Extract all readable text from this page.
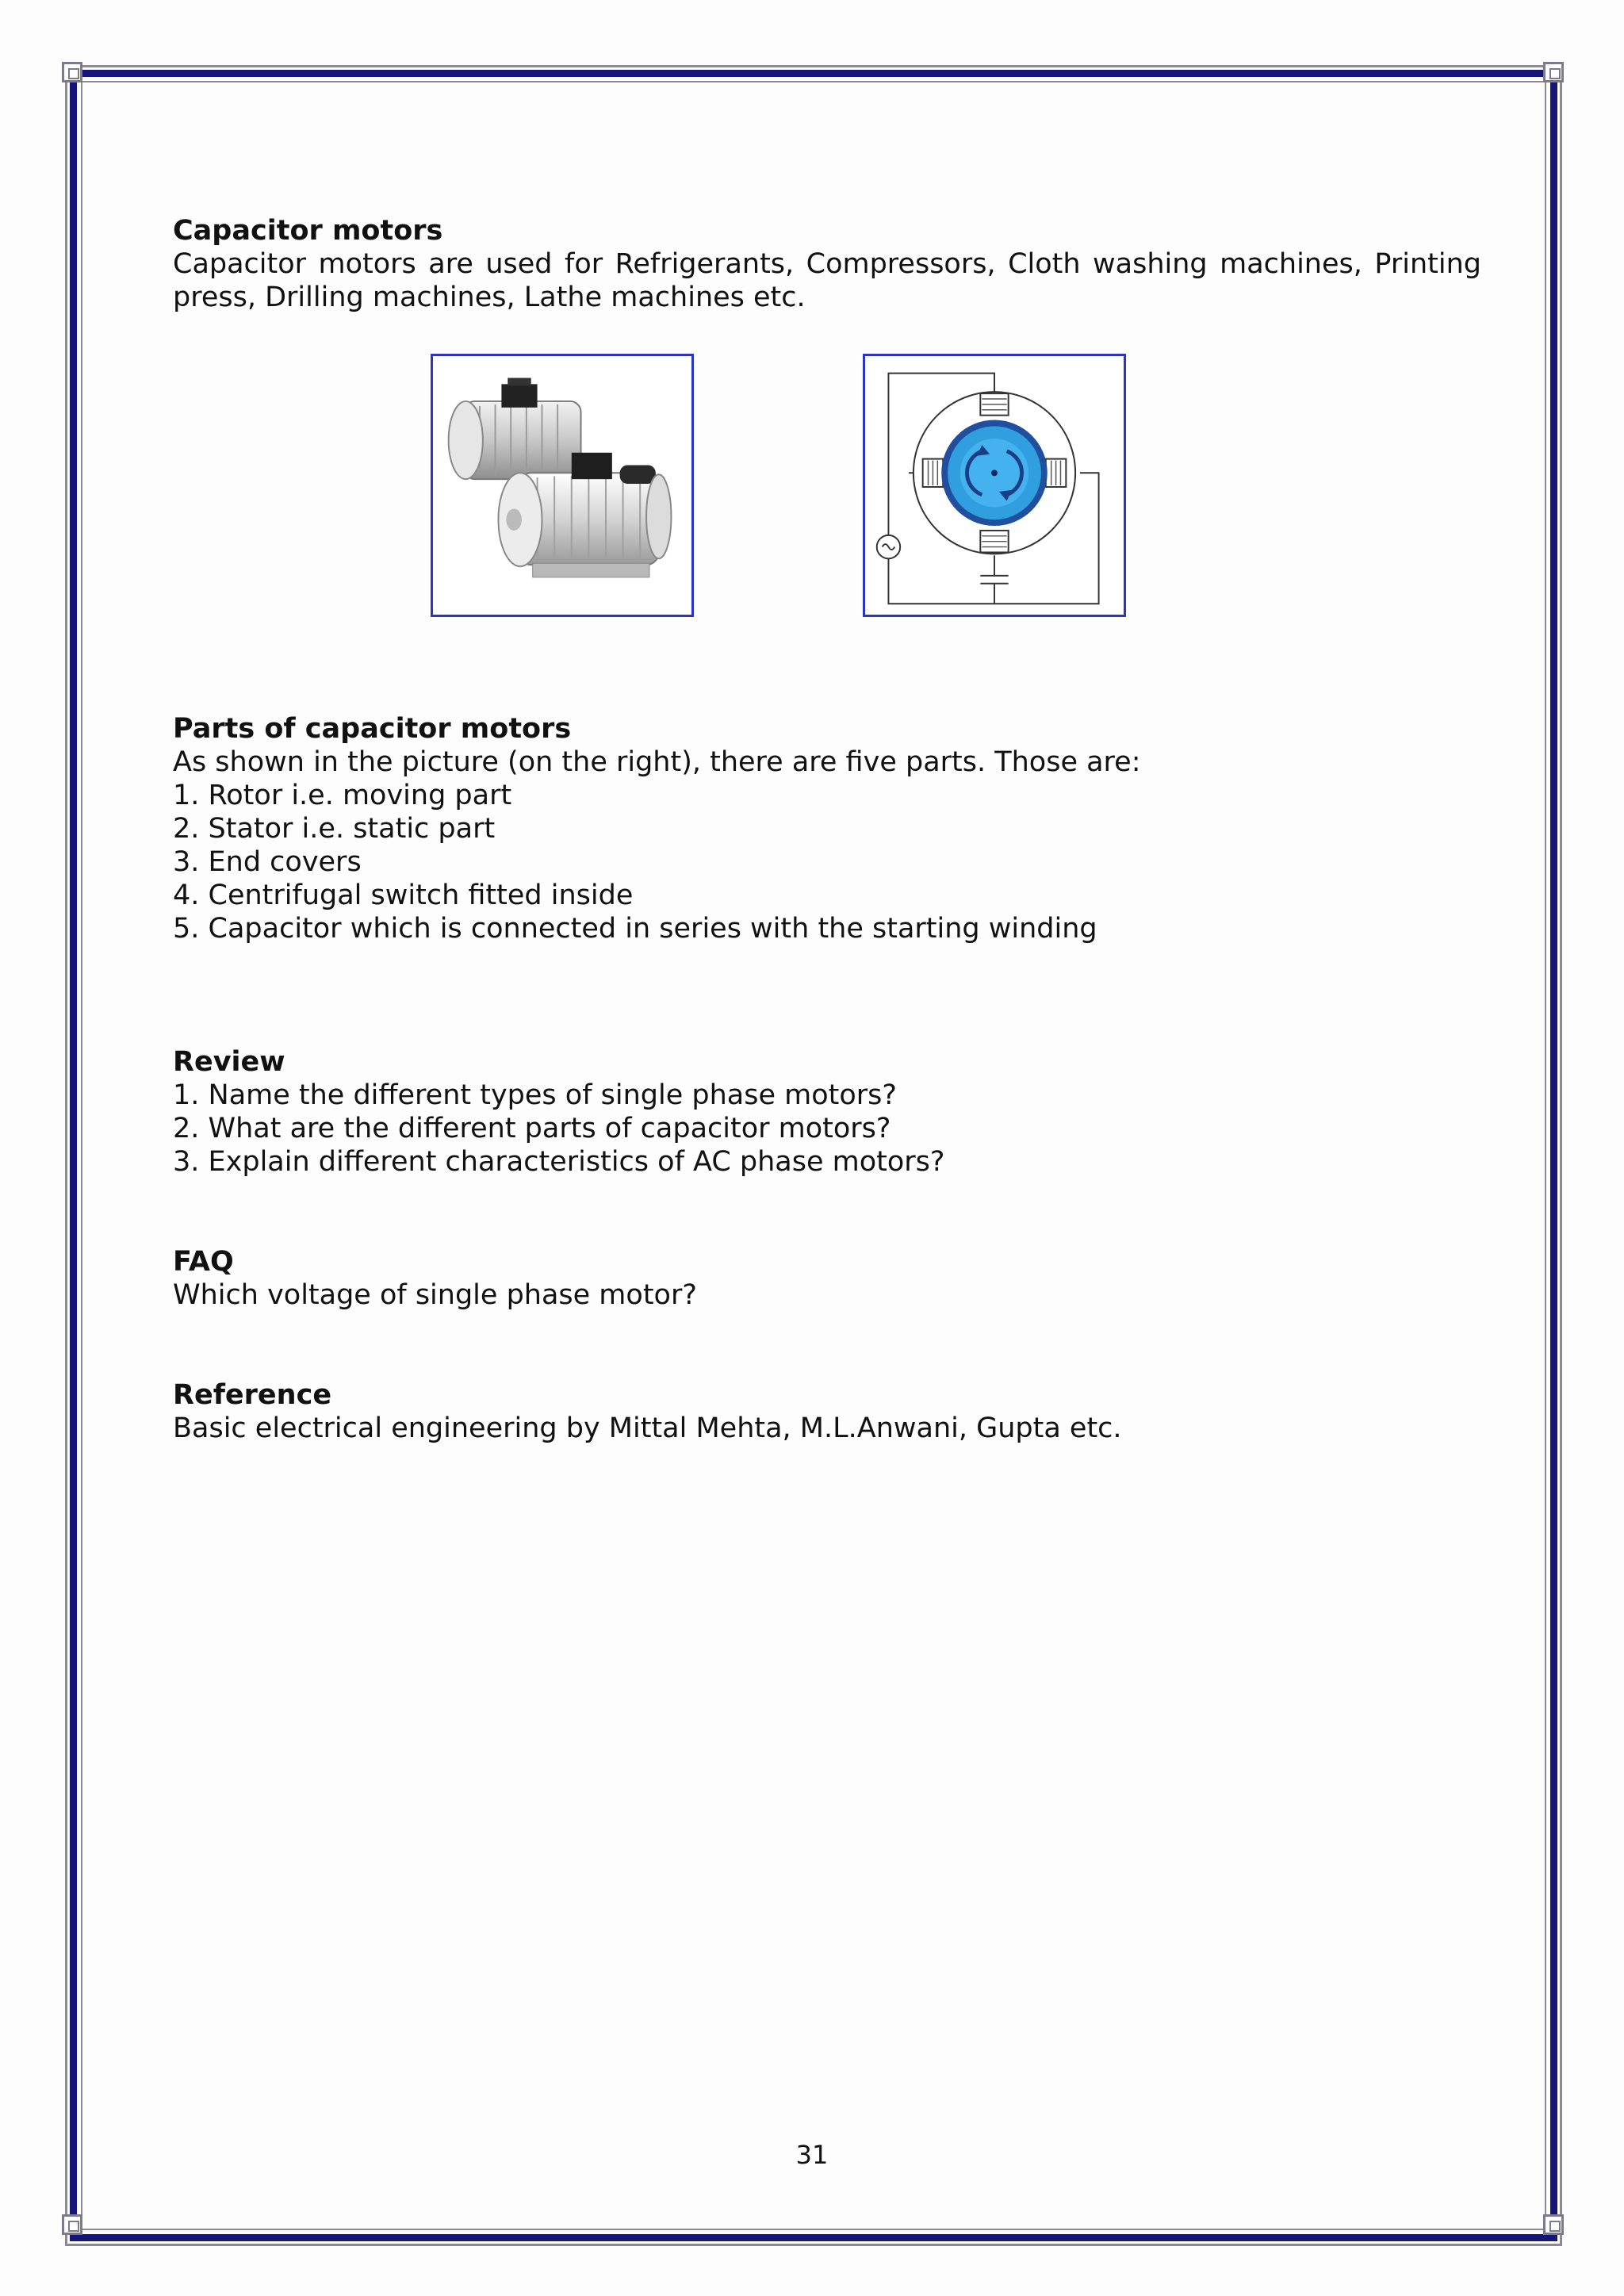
Capacitor motors

Capacitor motors are used for Refrigerants, Compressors, Cloth washing machines, Printing press, Drilling machines, Lathe machines etc.

Parts of capacitor motors

As shown in the picture (on the right), there are five parts. Those are:

1. Rotor i.e. moving part

2. Stator i.e. static part

3. End covers

4. Centrifugal switch fitted inside

5. Capacitor which is connected in series with the starting winding

Review

1. Name the different types of single phase motors?

2. What are the different parts of capacitor motors?

3. Explain different characteristics of AC phase motors?

FAQ

Which voltage of single phase motor?

Reference

Basic electrical engineering by Mittal Mehta, M.L.Anwani, Gupta etc.

31
